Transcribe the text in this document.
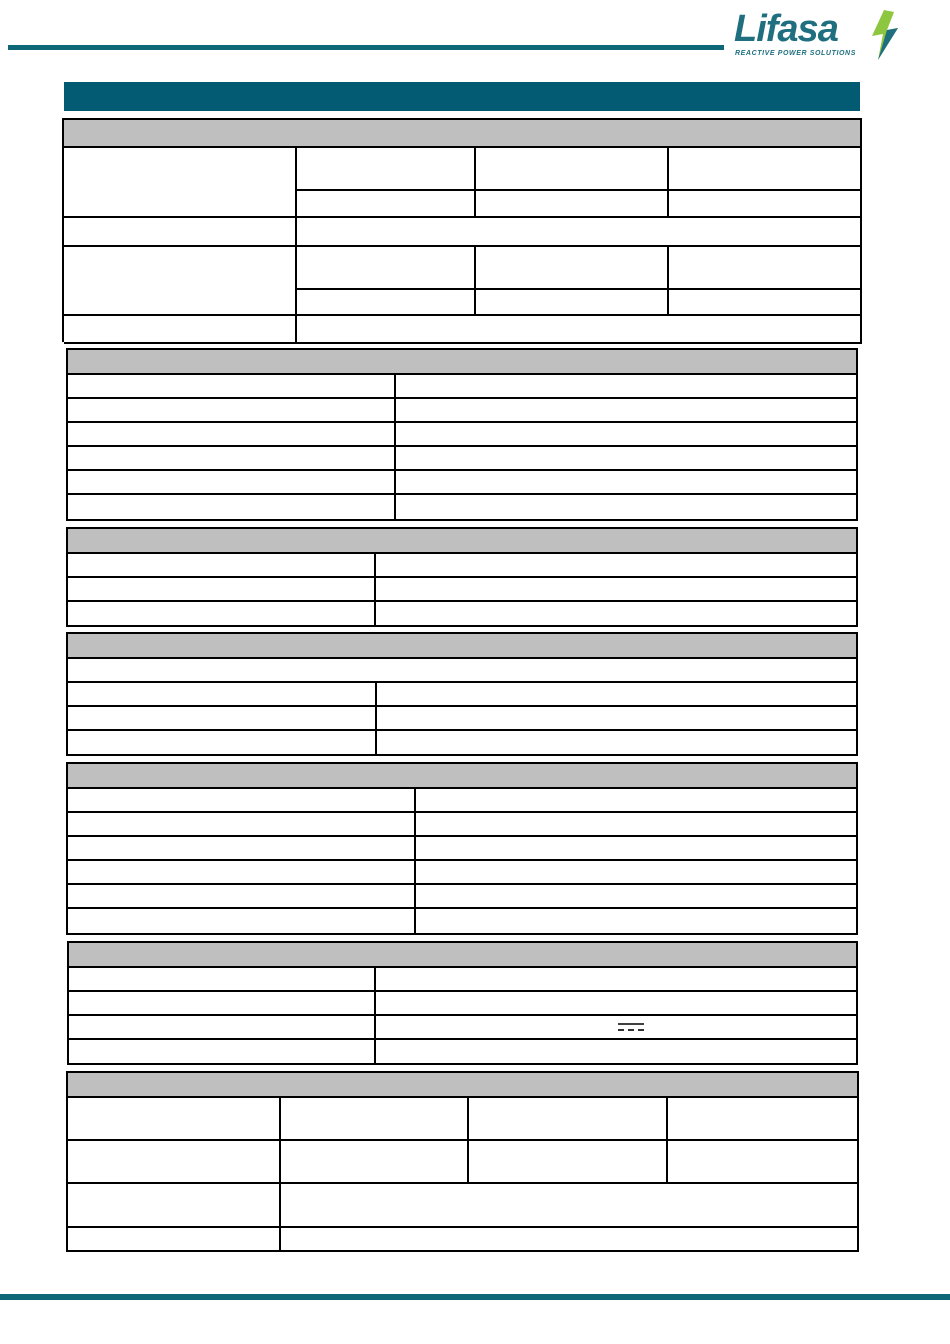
Lifasa
REACTIVE POWER SOLUTIONS
